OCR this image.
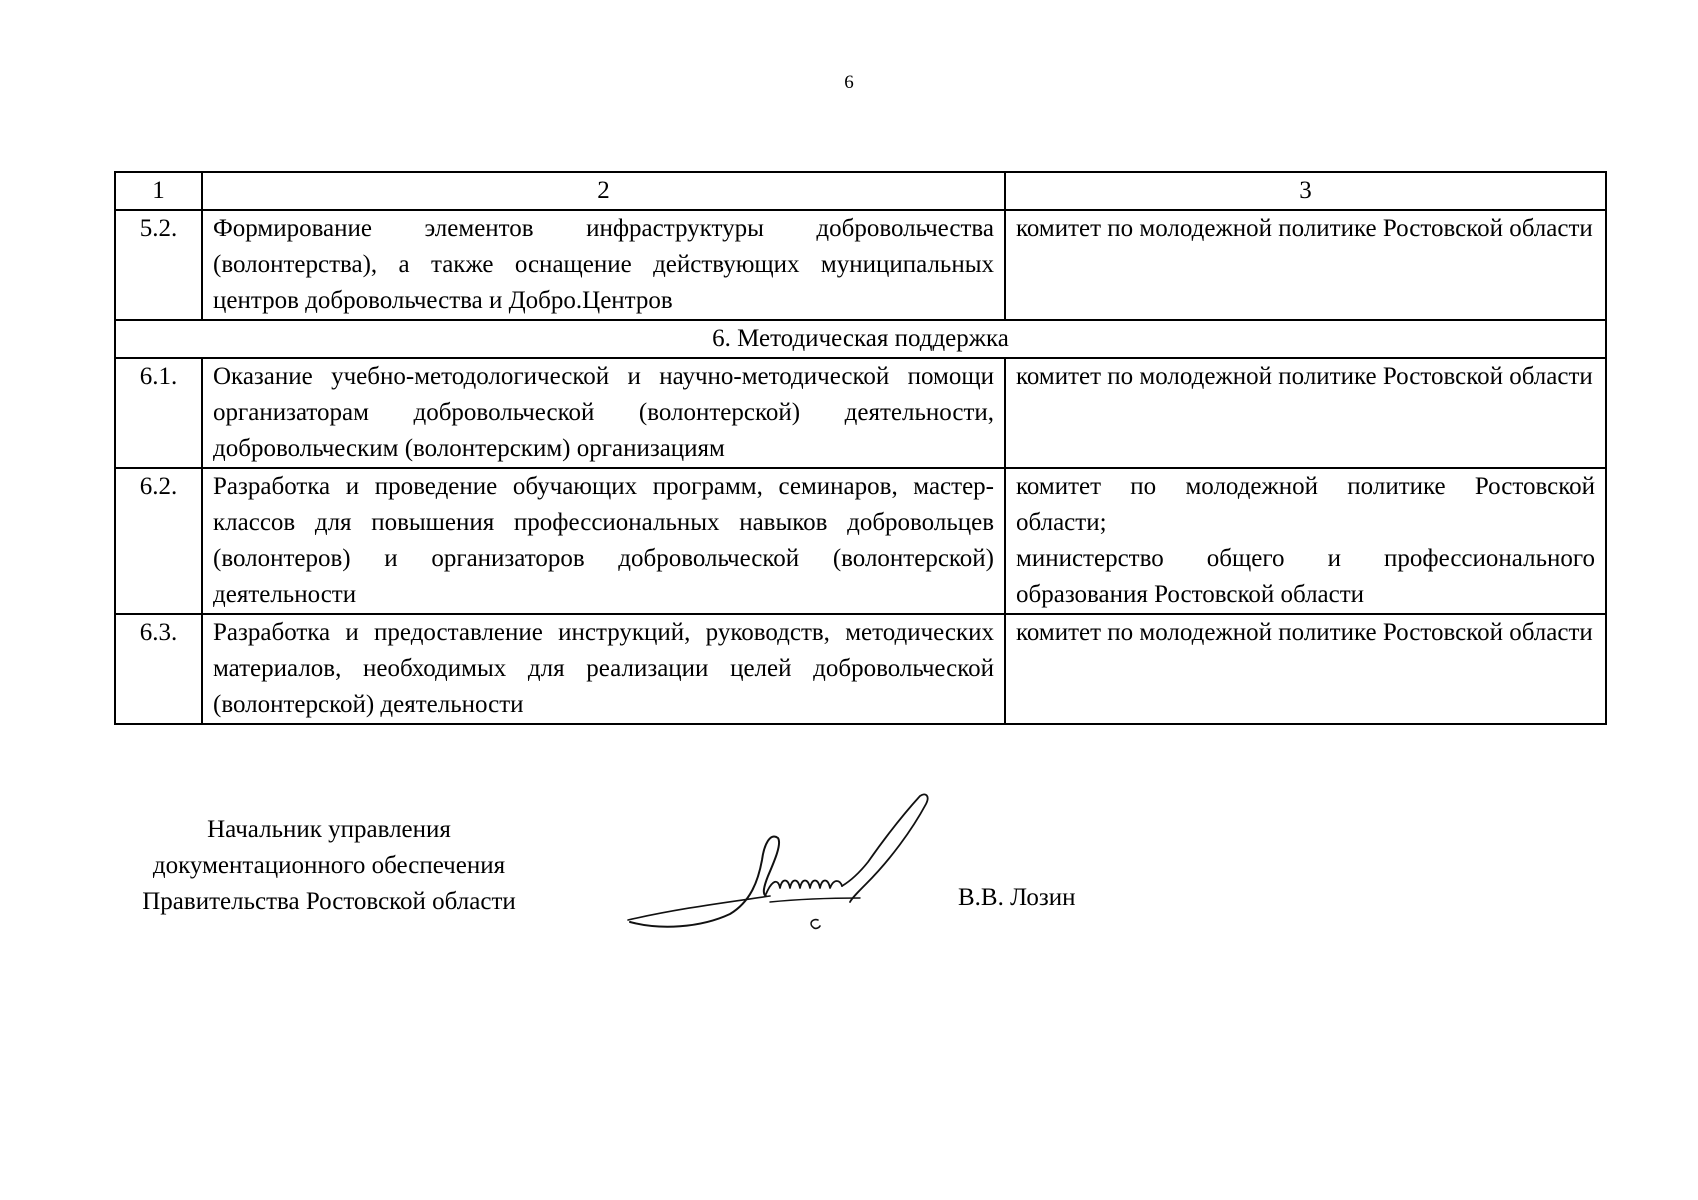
6
1	2	3
5.2.	Формирование элементов инфраструктуры добровольчества (волонтерства), а также оснащение действующих муниципальных центров добровольчества и Добро.Центров	комитет по молодежной политике Ростовской области
6. Методическая поддержка		
6.1.	Оказание учебно-методологической и научно-методической помощи организаторам добровольческой (волонтерской) деятельности, добровольческим (волонтерским) организациям	комитет по молодежной политике Ростовской области
6.2.	Разработка и проведение обучающих программ, семинаров, мастер-классов для повышения профессиональных навыков добровольцев (волонтеров) и организаторов добровольческой (волонтерской) деятельности	комитет по молодежной политике Ростовской области;
министерство общего и профессионального образования Ростовской области

6.3.	Разработка и предоставление инструкций, руководств, методических материалов, необходимых для реализации целей добровольческой (волонтерской) деятельности	комитет по молодежной политике Ростовской области
Начальник управления
документационного обеспечения
Правительства Ростовской области	В.В. Лозин
